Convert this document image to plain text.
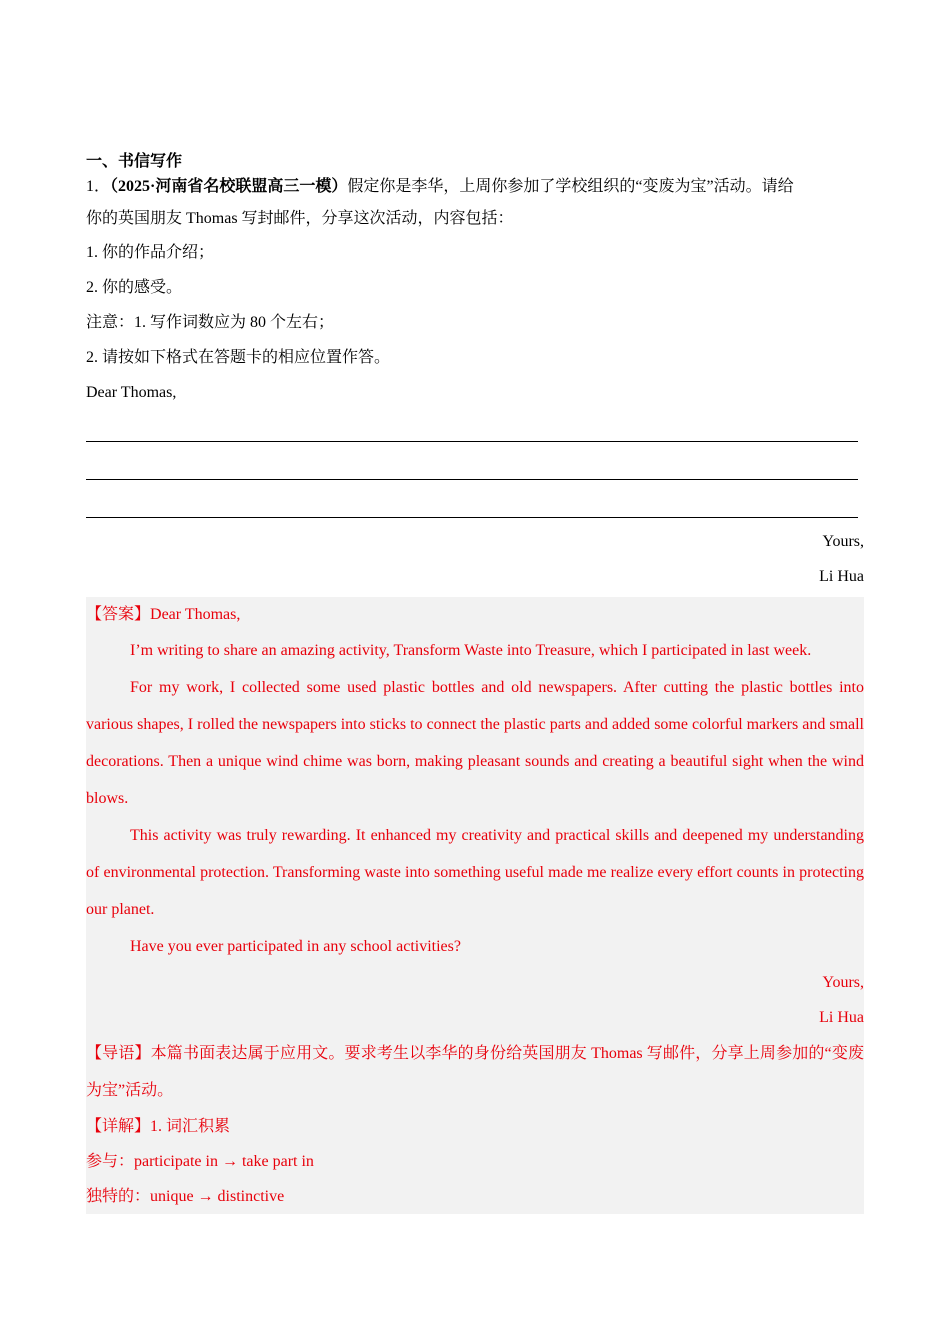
一、书信写作
1．（2025·河南省名校联盟高三一模）假定你是李华，上周你参加了学校组织的“变废为宝”活动。请给
你的英国朋友 Thomas 写封邮件，分享这次活动，内容包括：
1. 你的作品介绍；
2. 你的感受。
注意：1. 写作词数应为 80 个左右；
2. 请按如下格式在答题卡的相应位置作答。
Dear Thomas,
Yours,
Li Hua
【答案】Dear Thomas,
I’m writing to share an amazing activity, Transform Waste into Treasure, which I participated in last week.
For my work, I collected some used plastic bottles and old newspapers. After cutting the plastic bottles into various shapes, I rolled the newspapers into sticks to connect the plastic parts and added some colorful markers and small decorations. Then a unique wind chime was born, making pleasant sounds and creating a beautiful sight when the wind blows.
This activity was truly rewarding. It enhanced my creativity and practical skills and deepened my understanding of environmental protection. Transforming waste into something useful made me realize every effort counts in protecting our planet.
Have you ever participated in any school activities?
Yours,
Li Hua
【导语】本篇书面表达属于应用文。要求考生以李华的身份给英国朋友 Thomas 写邮件，分享上周参加的“变废为宝”活动。
【详解】1. 词汇积累
参与：participate in → take part in
独特的：unique → distinctive
